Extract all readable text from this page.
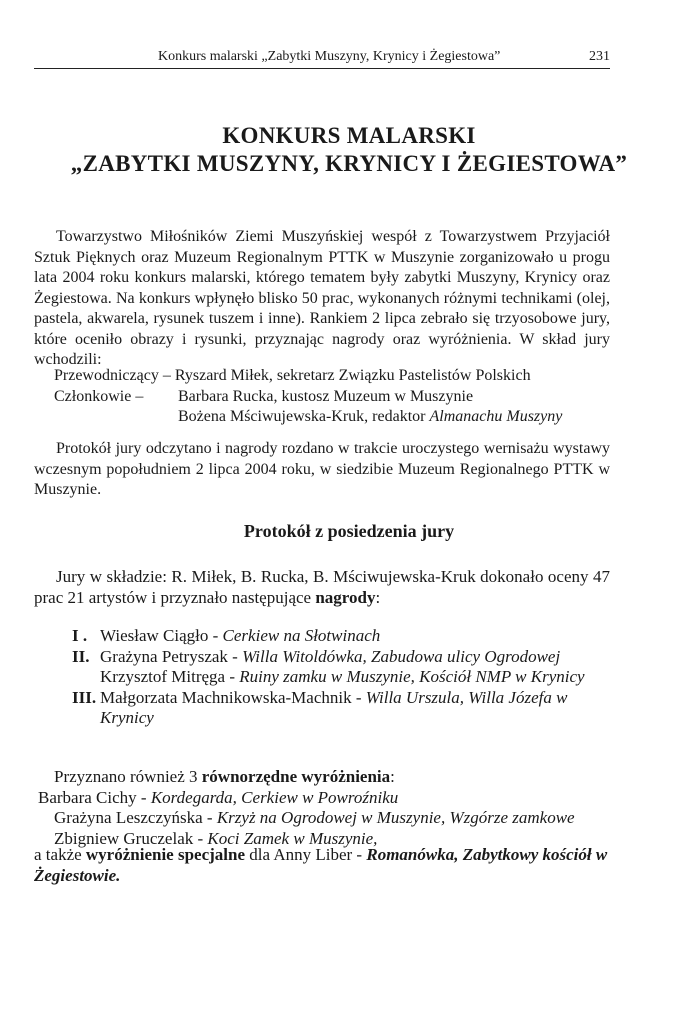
Konkurs malarski „Zabytki Muszyny, Krynicy i Żegiestowa”	231
KONKURS MALARSKI
„ZABYTKI MUSZYNY, KRYNICY I ŻEGIESTOWA”

Towarzystwo Miłośników Ziemi Muszyńskiej wespół z Towarzystwem Przyjaciół Sztuk Pięknych oraz Muzeum Regionalnym PTTK w Muszynie zorganizowało u progu lata 2004 roku konkurs malarski, którego tematem były zabytki Muszyny, Krynicy oraz Żegiestowa. Na konkurs wpłynęło blisko 50 prac, wykonanych różnymi technikami (olej, pastela, akwarela, rysunek tuszem i inne). Rankiem 2 lipca zebrało się trzyosobowe jury, które oceniło obrazy i rysunki, przyznając nagrody oraz wyróżnienia. W skład jury wchodzili:

Przewodniczący – Ryszard Miłek, sekretarz Związku Pastelistów Polskich
Członkowie – Barbara Rucka, kustosz Muzeum w Muszynie
Bożena Mściwujewska-Kruk, redaktor Almanachu Muszyny

Protokół jury odczytano i nagrody rozdano w trakcie uroczystego wernisażu wystawy wczesnym popołudniem 2 lipca 2004 roku, w siedzibie Muzeum Regionalnego PTTK w Muszynie.

Protokół z posiedzenia jury

Jury w składzie: R. Miłek, B. Rucka, B. Mściwujewska-Kruk dokonało oceny 47 prac 21 artystów i przyznało następujące nagrody:

I . Wiesław Ciągło - Cerkiew na Słotwinach
II. Grażyna Petryszak - Willa Witoldówka, Zabudowa ulicy Ogrodowej
Krzysztof Mitręga - Ruiny zamku w Muszynie, Kościół NMP w Krynicy
III. Małgorzata Machnikowska-Machnik - Willa Urszula, Willa Józefa w Krynicy
Przyznano również 3 równorzędne wyróżnienia:
Barbara Cichy - Kordegarda, Cerkiew w Powroźniku
Grażyna Leszczyńska - Krzyż na Ogrodowej w Muszynie, Wzgórze zamkowe
Zbigniew Gruczelak - Koci Zamek w Muszynie,

a także wyróżnienie specjalne dla Anny Liber - Romanówka, Zabytkowy kościół w Żegiestowie.
